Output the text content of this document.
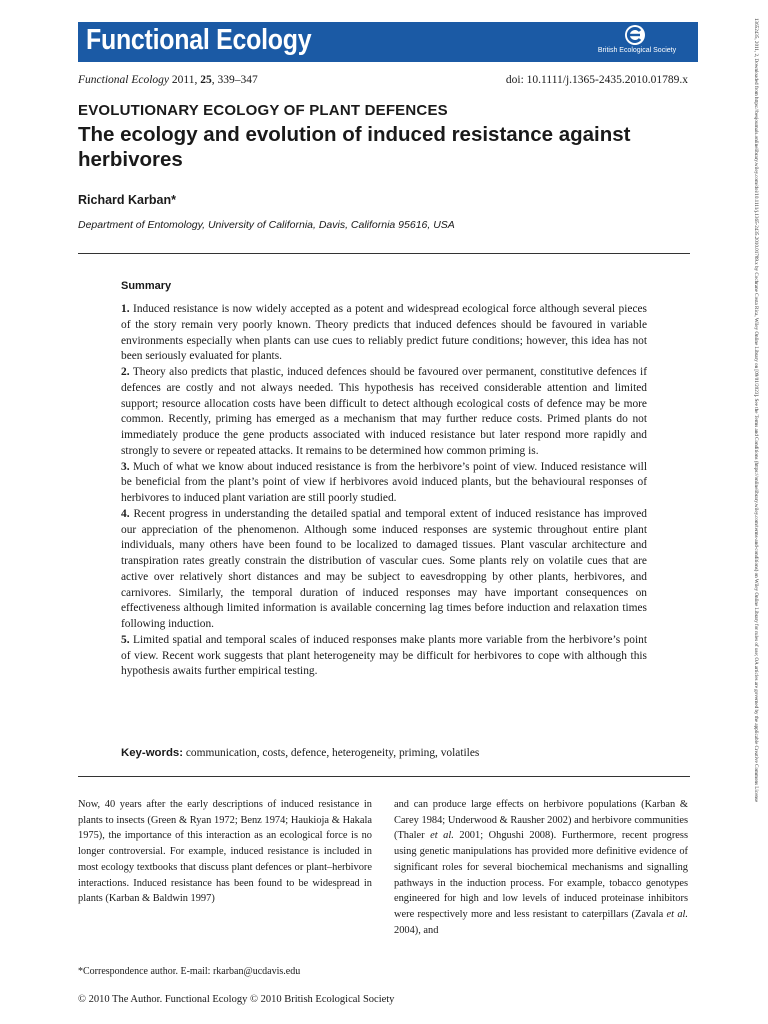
Functional Ecology	British Ecological Society
Functional Ecology 2011, 25, 339–347	doi: 10.1111/j.1365-2435.2010.01789.x
EVOLUTIONARY ECOLOGY OF PLANT DEFENCES
The ecology and evolution of induced resistance against herbivores
Richard Karban*
Department of Entomology, University of California, Davis, California 95616, USA
Summary

1. Induced resistance is now widely accepted as a potent and widespread ecological force although several pieces of the story remain very poorly known. Theory predicts that induced defences should be favoured in variable environments especially when plants can use cues to reliably predict future conditions; however, this idea has not been seriously evaluated for plants.

2. Theory also predicts that plastic, induced defences should be favoured over permanent, constitutive defences if defences are costly and not always needed. This hypothesis has received considerable attention and limited support; resource allocation costs have been difficult to detect although ecological costs of defence may be more common. Recently, priming has emerged as a mechanism that may further reduce costs. Primed plants do not immediately produce the gene products associated with induced resistance but later respond more rapidly and strongly to severe or repeated attacks. It remains to be determined how common priming is.

3. Much of what we know about induced resistance is from the herbivore’s point of view. Induced resistance will be beneficial from the plant’s point of view if herbivores avoid induced plants, but the behavioural responses of herbivores to induced plant variation are still poorly studied.

4. Recent progress in understanding the detailed spatial and temporal extent of induced resistance has improved our appreciation of the phenomenon. Although some induced responses are systemic throughout entire plant individuals, many others have been found to be localized to damaged tissues. Plant vascular architecture and transpiration rates greatly constrain the distribution of vascular cues. Some plants rely on volatile cues that are active over relatively short distances and may be subject to eavesdropping by other plants, herbivores, and carnivores. Similarly, the temporal duration of induced responses may have important consequences on effectiveness although limited information is available concerning lag times before induction and relaxation times following induction.

5. Limited spatial and temporal scales of induced responses make plants more variable from the herbivore’s point of view. Recent work suggests that plant heterogeneity may be difficult for herbivores to cope with although this hypothesis awaits further empirical testing.

Key-words: communication, costs, defence, heterogeneity, priming, volatiles

Now, 40 years after the early descriptions of induced resistance in plants to insects (Green & Ryan 1972; Benz 1974; Haukioja & Hakala 1975), the importance of this interaction as an ecological force is no longer controversial. For example, induced resistance is included in most ecology textbooks that discuss plant defences or plant–herbivore interactions. Induced resistance has been found to be widespread in plants (Karban & Baldwin 1997)

and can produce large effects on herbivore populations (Karban & Carey 1984; Underwood & Rausher 2002) and herbivore communities (Thaler et al. 2001; Ohgushi 2008). Furthermore, recent progress using genetic manipulations has provided more definitive evidence of significant roles for several biochemical mechanisms and signalling pathways in the induction process. For example, tobacco genotypes engineered for high and low levels of induced proteinase inhibitors were respectively more and less resistant to caterpillars (Zavala et al. 2004), and

*Correspondence author. E-mail: rkarban@ucdavis.edu
© 2010 The Author. Functional Ecology © 2010 British Ecological Society
13652435, 2011, 2, Downloaded from https://besjournals.onlinelibrary.wiley.com/doi/10.1111/j.1365-2435.2010.01789.x by Cochrane Costa Rica, Wiley Online Library on [09/01/2023]. See the Terms and Conditions (https://onlinelibrary.wiley.com/terms-and-conditions) on Wiley Online Library for rules of use; OA articles are governed by the applicable Creative Commons License
